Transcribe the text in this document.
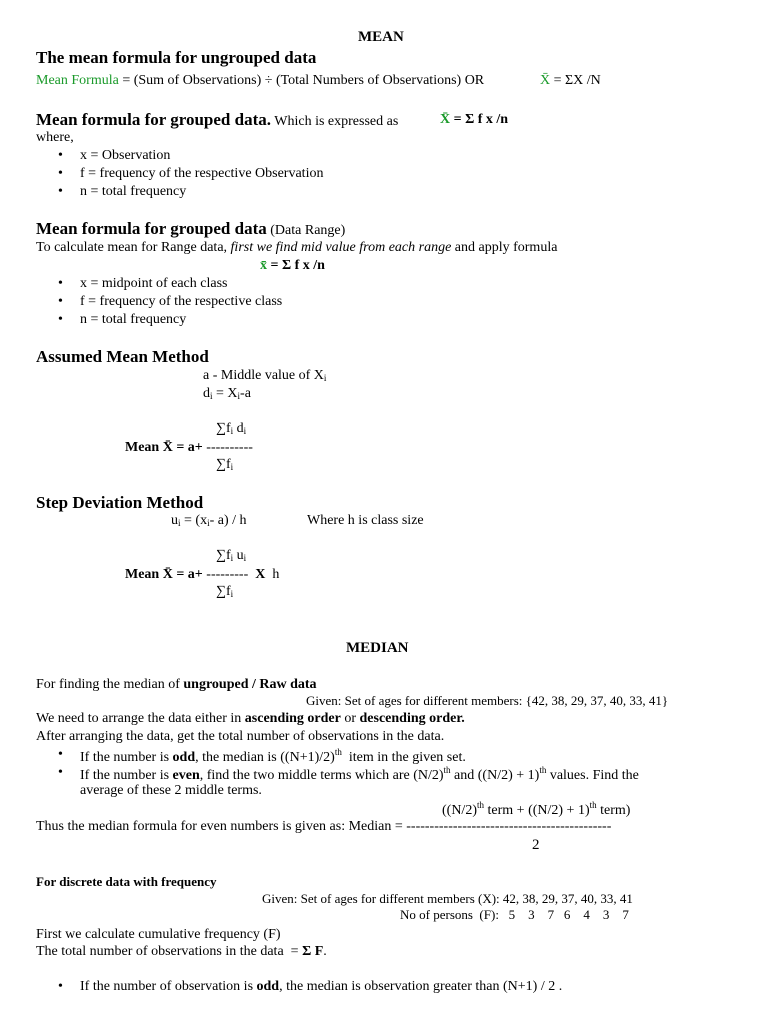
MEAN
The mean formula for ungrouped data
Mean Formula = (Sum of Observations) ÷ (Total Numbers of Observations) OR	X̄ = ΣX /N
Mean formula for grouped data. Which is expressed as	X̄ = Σ f x /n
where,
• x = Observation
• f = frequency of the respective Observation
• n = total frequency
Mean formula for grouped data (Data Range)
To calculate mean for Range data, first we find mid value from each range and apply formula
x̄ = Σ f x /n
• x = midpoint of each class
• f = frequency of the respective class
• n = total frequency
Assumed Mean Method
a - Middle value of $X_i$
$d_i = X_i-a$
$\sum f_i$ $d_i$
Mean X̄ = a+ ----------
$\sum f_i$
Step Deviation Method
$u_i = (x_i-$ a) / h	Where h is class size
$\sum f_i$ $u_i$
Mean X̄ = a+ ---------  X  h
$\sum f_i$
MEDIAN
For finding the median of ungrouped / Raw data
Given: Set of ages for different members: {42, 38, 29, 37, 40, 33, 41}
We need to arrange the data either in ascending order or descending order.
After arranging the data, get the total number of observations in the data.
• If the number is odd, the median is $((N+1)/2)^{th}$  item in the given set.
• If the number is even, find the two middle terms which are $(N/2)^{th}$ and $((N/2) + 1)^{th}$ values. Find the
average of these 2 middle terms.
($(N/2)^{th}$ term + $((N/2) + 1)^{th}$ term)
Thus the median formula for even numbers is given as: Median = --------------------------------------------
2
For discrete data with frequency
Given: Set of ages for different members (X): 42, 38, 29, 37, 40, 33, 41
No of persons  (F):   5    3    7   6    4    3    7
First we calculate cumulative frequency (F)
The total number of observations in the data  = Σ F.
• If the number of observation is odd, the median is observation greater than (N+1) / 2 .
